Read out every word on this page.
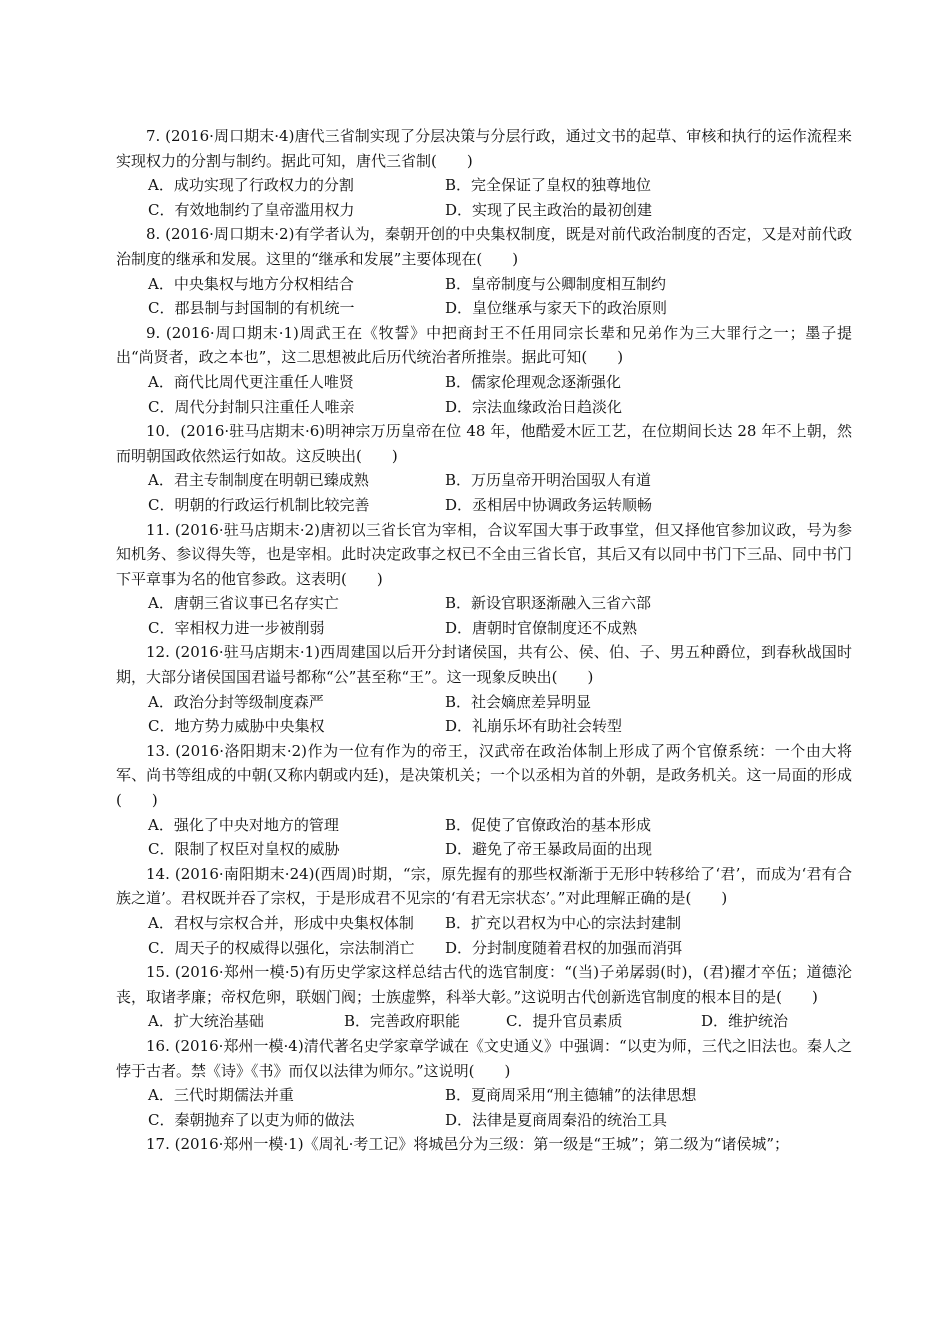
7. (2016·周口期末·4)唐代三省制实现了分层决策与分层行政，通过文书的起草、审核和执行的运作流程来实现权力的分割与制约。据此可知，唐代三省制(　　)

A．成功实现了行政权力的分割	B．完全保证了皇权的独尊地位
C．有效地制约了皇帝滥用权力	D．实现了民主政治的最初创建

8. (2016·周口期末·2)有学者认为，秦朝开创的中央集权制度，既是对前代政治制度的否定，又是对前代政治制度的继承和发展。这里的“继承和发展”主要体现在(　　)

A．中央集权与地方分权相结合	B．皇帝制度与公卿制度相互制约
C．郡县制与封国制的有机统一	D．皇位继承与家天下的政治原则

9. (2016·周口期末·1)周武王在《牧誓》中把商封王不任用同宗长辈和兄弟作为三大罪行之一；墨子提出“尚贤者，政之本也”，这二思想被此后历代统治者所推崇。据此可知(　　)

A．商代比周代更注重任人唯贤	B．儒家伦理观念逐渐强化
C．周代分封制只注重任人唯亲	D．宗法血缘政治日趋淡化

10．(2016·驻马店期末·6)明神宗万历皇帝在位 48 年，他酷爱木匠工艺，在位期间长达 28 年不上朝，然而明朝国政依然运行如故。这反映出(　　)

A．君主专制制度在明朝已臻成熟	B．万历皇帝开明治国驭人有道
C．明朝的行政运行机制比较完善	D．丞相居中协调政务运转顺畅

11. (2016·驻马店期末·2)唐初以三省长官为宰相，合议军国大事于政事堂，但又择他官参加议政，号为参知机务、参议得失等，也是宰相。此时决定政事之权已不全由三省长官，其后又有以同中书门下三品、同中书门下平章事为名的他官参政。这表明(　　)

A．唐朝三省议事已名存实亡	B．新设官职逐渐融入三省六部
C．宰相权力进一步被削弱	D．唐朝时官僚制度还不成熟

12. (2016·驻马店期末·1)西周建国以后开分封诸侯国，共有公、侯、伯、子、男五种爵位，到春秋战国时期，大部分诸侯国国君谥号都称“公”甚至称“王”。这一现象反映出(　　)

A．政治分封等级制度森严	B．社会嫡庶差异明显
C．地方势力威胁中央集权	D．礼崩乐坏有助社会转型

13. (2016·洛阳期末·2)作为一位有作为的帝王，汉武帝在政治体制上形成了两个官僚系统：一个由大将军、尚书等组成的中朝(又称内朝或内廷)，是决策机关；一个以丞相为首的外朝，是政务机关。这一局面的形成(　　)

A．强化了中央对地方的管理	B．促使了官僚政治的基本形成
C．限制了权臣对皇权的威胁	D．避免了帝王暴政局面的出现

14. (2016·南阳期末·24)(西周)时期，“宗，原先握有的那些权渐渐于无形中转移给了‘君’，而成为‘君有合族之道’。君权既并吞了宗权，于是形成君不见宗的‘有君无宗状态’。”对此理解正确的是(　　)

A．君权与宗权合并，形成中央集权体制	B．扩充以君权为中心的宗法封建制
C．周天子的权威得以强化，宗法制消亡	D．分封制度随着君权的加强而消弭

15. (2016·郑州一模·5)有历史学家这样总结古代的选官制度：“(当)子弟孱弱(时)，(君)擢才卒伍；道德沦丧，取诸孝廉；帝权危卵，联姻门阀；士族虚弊，科举大彰。”这说明古代创新选官制度的根本目的是(　　)

A．扩大统治基础	B．完善政府职能	C．提升官员素质	D．维护统治

16. (2016·郑州一模·4)清代著名史学家章学诚在《文史通义》中强调：“以吏为师，三代之旧法也。秦人之悖于古者。禁《诗》《书》而仅以法律为师尔。”这说明(　　)

A．三代时期儒法并重	B．夏商周采用“刑主德辅”的法律思想
C．秦朝抛弃了以吏为师的做法	D．法律是夏商周秦沿的统治工具

17. (2016·郑州一模·1)《周礼·考工记》将城邑分为三级：第一级是“王城”；第二级为“诸侯城”；
